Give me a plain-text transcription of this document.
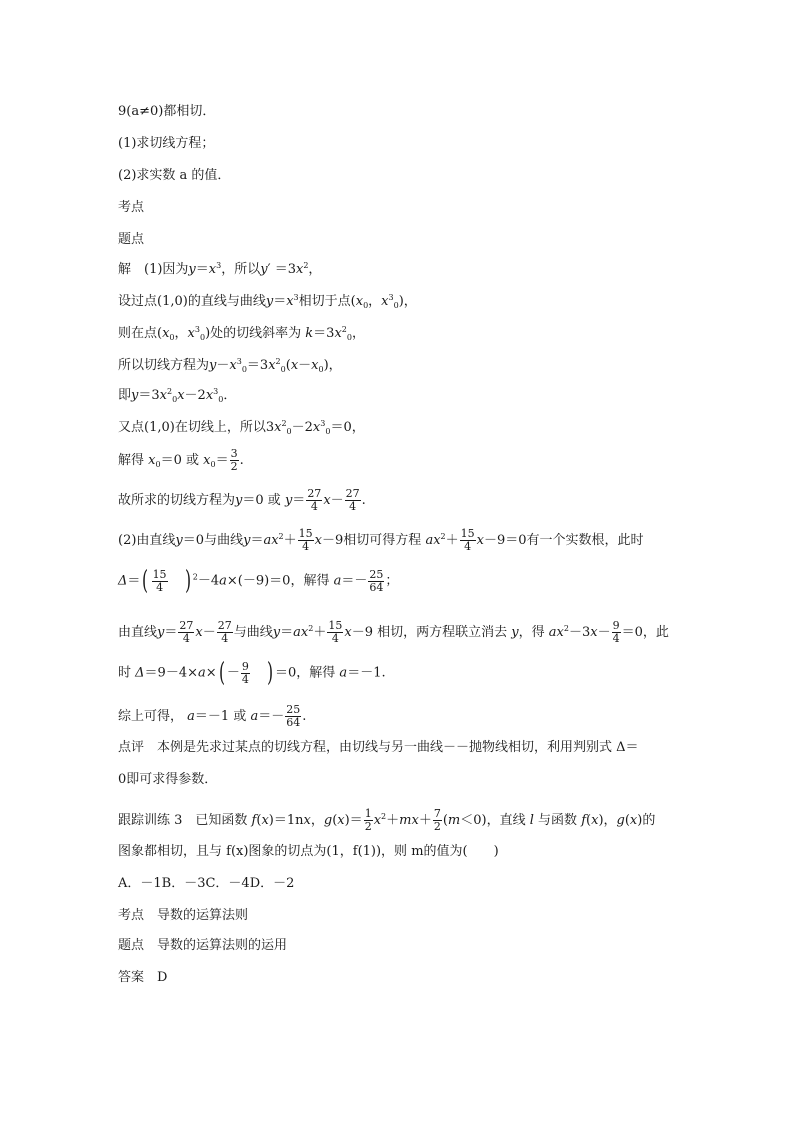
9(a≠0)都相切．
(1)求切线方程；
(2)求实数 a 的值．
考点
题点
解　(1)因为$y=x^3$，所以$y' =3x^2$，
设过点(1,0)的直线与曲线$y=x^3$相切于点($x_0$，$x^3_0$)，
则在点($x_0$，$x^3_0$)处的切线斜率为 $k=3x^2_0$，
所以切线方程为$y-x^3_0=3x^2_0(x-x_0)$，
即$y=3x^2_0x-2x^3_0$．
又点(1,0)在切线上，所以$3x^2_0-2x^3_0=0$，
解得 $x_0=0$ 或 $x_0= \frac{3}{2}$ .
故所求的切线方程为y＝0 或 $y= \frac{27}{4} x- \frac{27}{4}$ .
(2)由直线y＝0与曲线$y=ax^2+ \frac{15}{4} x-9$相切可得方程 $ax^2+ \frac{15}{4} x-9=0$有一个实数根，此时
$\Delta=( \frac{15}{4}$ ) $^2$－4a×(－9)＝0，解得 $a=- \frac{25}{64}$ ；
由直线$y= \frac{27}{4} x- \frac{27}{4}$ 与曲线$y=ax^2+ \frac{15}{4} x-9$ 相切，两方程联立消去 y，得 $ax^2-3x- \frac{9}{4} =0$，此
时 $\Delta=9-4\times a\times( - \frac{9}{4}$ ) ＝0，解得 a＝－1.
综上可得， a＝－1 或 $a=- \frac{25}{64}$ .
点评　本例是先求过某点的切线方程，由切线与另一曲线－－抛物线相切，利用判别式 Δ＝
0即可求得参数．
跟踪训练 3　已知函数 f(x)＝1nx，$g(x)= \frac{1}{2} x^2+mx+ \frac{7}{2} (m<0)$，直线 l 与函数 f(x)，g(x)的
图象都相切，且与 f(x)图象的切点为(1，f(1))，则 m的值为(　　)
A．－1B．－3C．－4D．－2
考点　导数的运算法则
题点　导数的运算法则的运用
答案　D
